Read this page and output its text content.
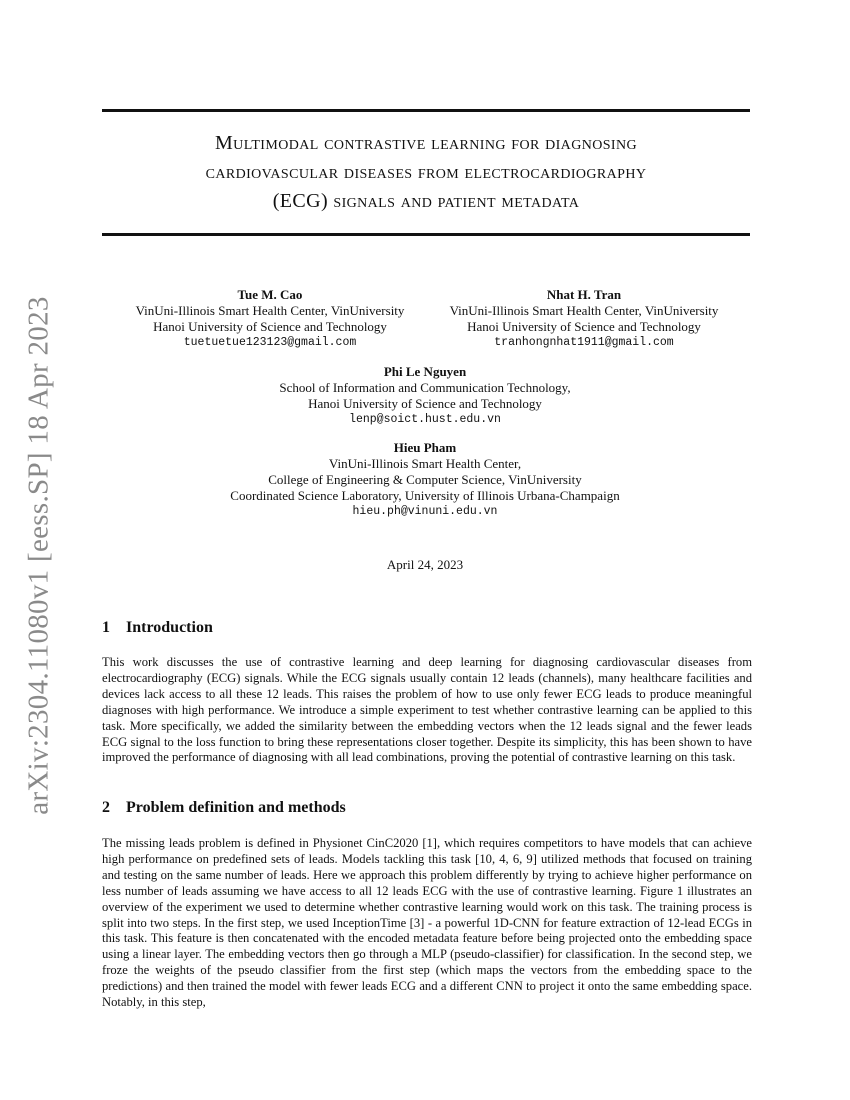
arXiv:2304.11080v1 [eess.SP] 18 Apr 2023
Multimodal contrastive learning for diagnosing
cardiovascular diseases from electrocardiography
(ECG) signals and patient metadata
Tue M. Cao
VinUni-Illinois Smart Health Center, VinUniversity
Hanoi University of Science and Technology
tuetuetue123123@gmail.com
Nhat H. Tran
VinUni-Illinois Smart Health Center, VinUniversity
Hanoi University of Science and Technology
tranhongnhat1911@gmail.com
Phi Le Nguyen
School of Information and Communication Technology,
Hanoi University of Science and Technology
lenp@soict.hust.edu.vn
Hieu Pham
VinUni-Illinois Smart Health Center,
College of Engineering & Computer Science, VinUniversity
Coordinated Science Laboratory, University of Illinois Urbana-Champaign
hieu.ph@vinuni.edu.vn
April 24, 2023
1 Introduction

This work discusses the use of contrastive learning and deep learning for diagnosing cardiovascular diseases from electrocardiography (ECG) signals. While the ECG signals usually contain 12 leads (channels), many healthcare facilities and devices lack access to all these 12 leads. This raises the problem of how to use only fewer ECG leads to produce meaningful diagnoses with high performance. We introduce a simple experiment to test whether contrastive learning can be applied to this task. More specifically, we added the similarity between the embedding vectors when the 12 leads signal and the fewer leads ECG signal to the loss function to bring these representations closer together. Despite its simplicity, this has been shown to have improved the performance of diagnosing with all lead combinations, proving the potential of contrastive learning on this task.

2 Problem definition and methods

The missing leads problem is defined in Physionet CinC2020 [1], which requires competitors to have models that can achieve high performance on predefined sets of leads. Models tackling this task [10, 4, 6, 9] utilized methods that focused on training and testing on the same number of leads. Here we approach this problem differently by trying to achieve higher performance on less number of leads assuming we have access to all 12 leads ECG with the use of contrastive learning. Figure 1 illustrates an overview of the experiment we used to determine whether contrastive learning would work on this task. The training process is split into two steps. In the first step, we used InceptionTime [3] - a powerful 1D-CNN for feature extraction of 12-lead ECGs in this task. This feature is then concatenated with the encoded metadata feature before being projected onto the embedding space using a linear layer. The embedding vectors then go through a MLP (pseudo-classifier) for classification. In the second step, we froze the weights of the pseudo classifier from the first step (which maps the vectors from the embedding space to the predictions) and then trained the model with fewer leads ECG and a different CNN to project it onto the same embedding space. Notably, in this step,
